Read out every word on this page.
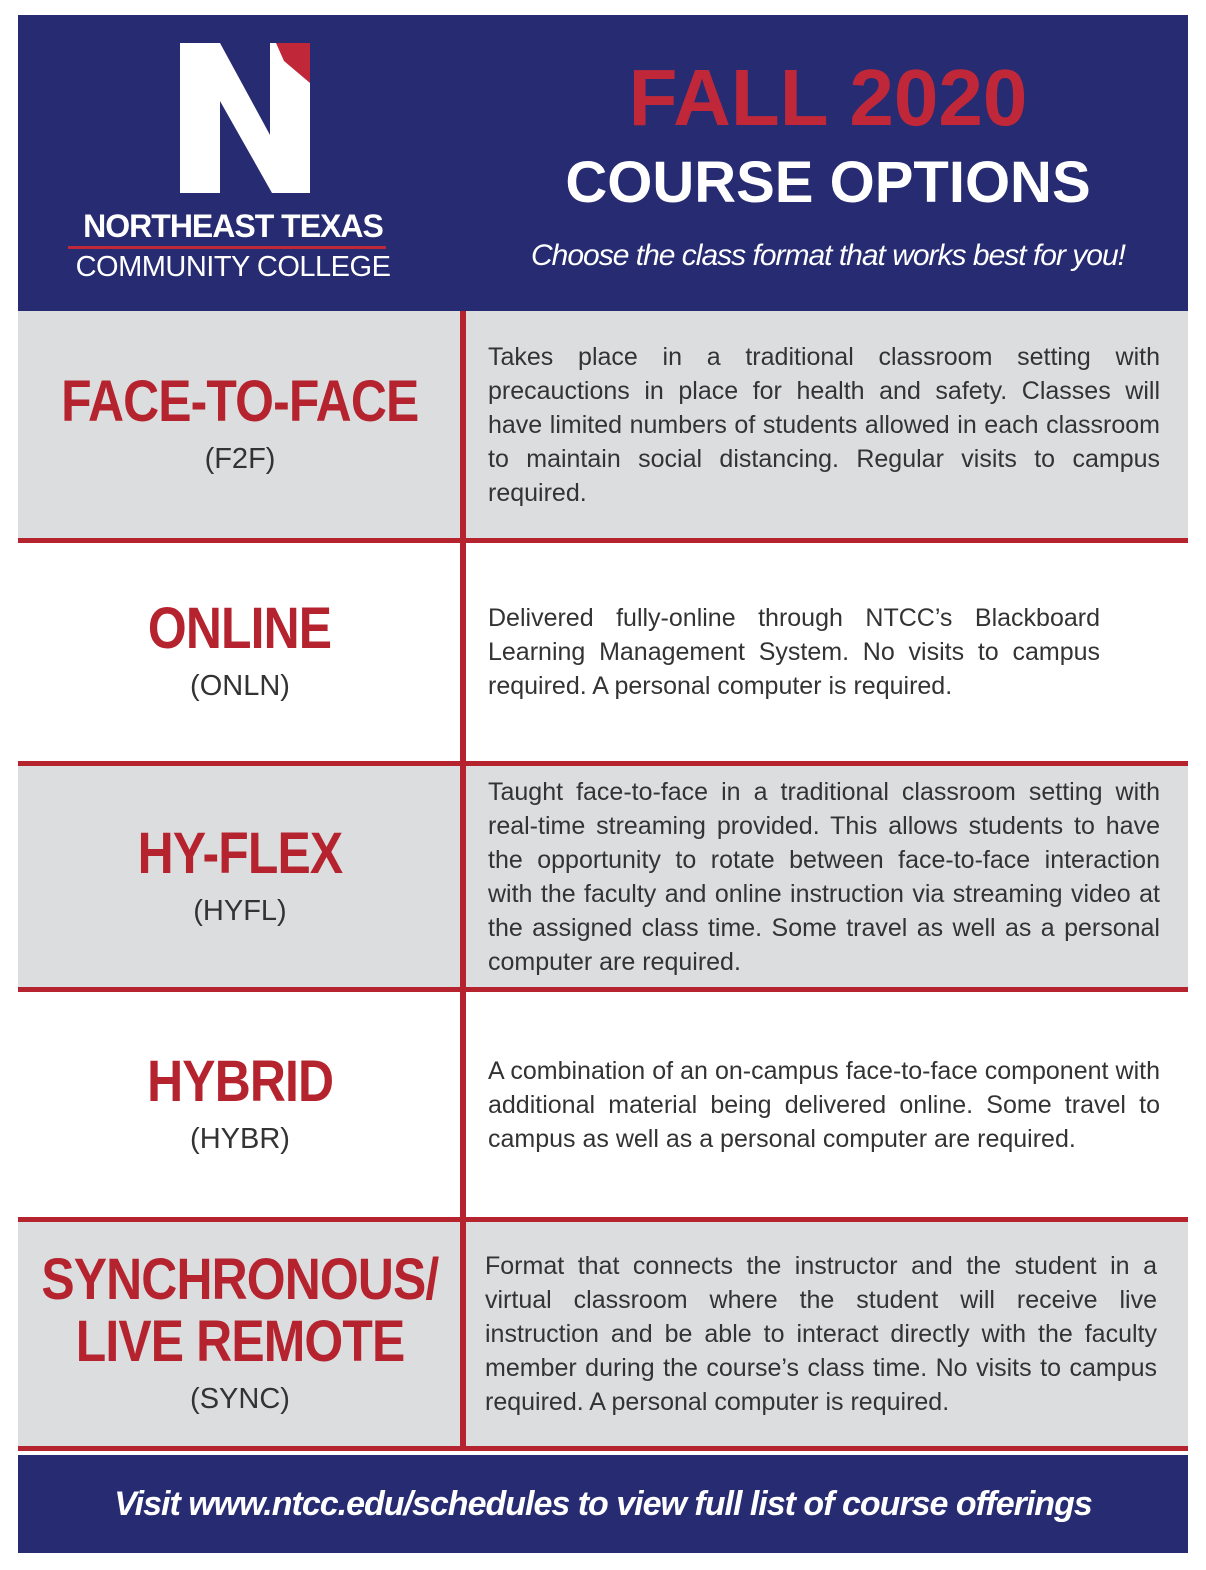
NORTHEAST TEXAS
COMMUNITY COLLEGE
FALL 2020
COURSE OPTIONS
Choose the class format that works best for you!
FACE-TO-FACE
(F2F)

Takes place in a traditional classroom setting with precauctions in place for health and safety. Classes will have limited numbers of students allowed in each classroom to maintain social distancing. Regular visits to campus required.

ONLINE
(ONLN)

Delivered fully-online through NTCC’s Blackboard Learning Management System. No visits to campus required. A personal computer is required.

HY-FLEX
(HYFL)

Taught face-to-face in a traditional classroom setting with real-time streaming provided. This allows students to have the opportunity to rotate between face-to-face interaction with the faculty and online instruction via streaming video at the assigned class time. Some travel as well as a personal computer are required.

HYBRID
(HYBR)

A combination of an on-campus face-to-face component with additional material being delivered online. Some travel to campus as well as a personal computer are required.

SYNCHRONOUS/
LIVE REMOTE
(SYNC)

Format that connects the instructor and the student in a virtual classroom where the student will receive live instruction and be able to interact directly with the faculty member during the course’s class time. No visits to campus required. A personal computer is required.

Visit www.ntcc.edu/schedules to view full list of course offerings
